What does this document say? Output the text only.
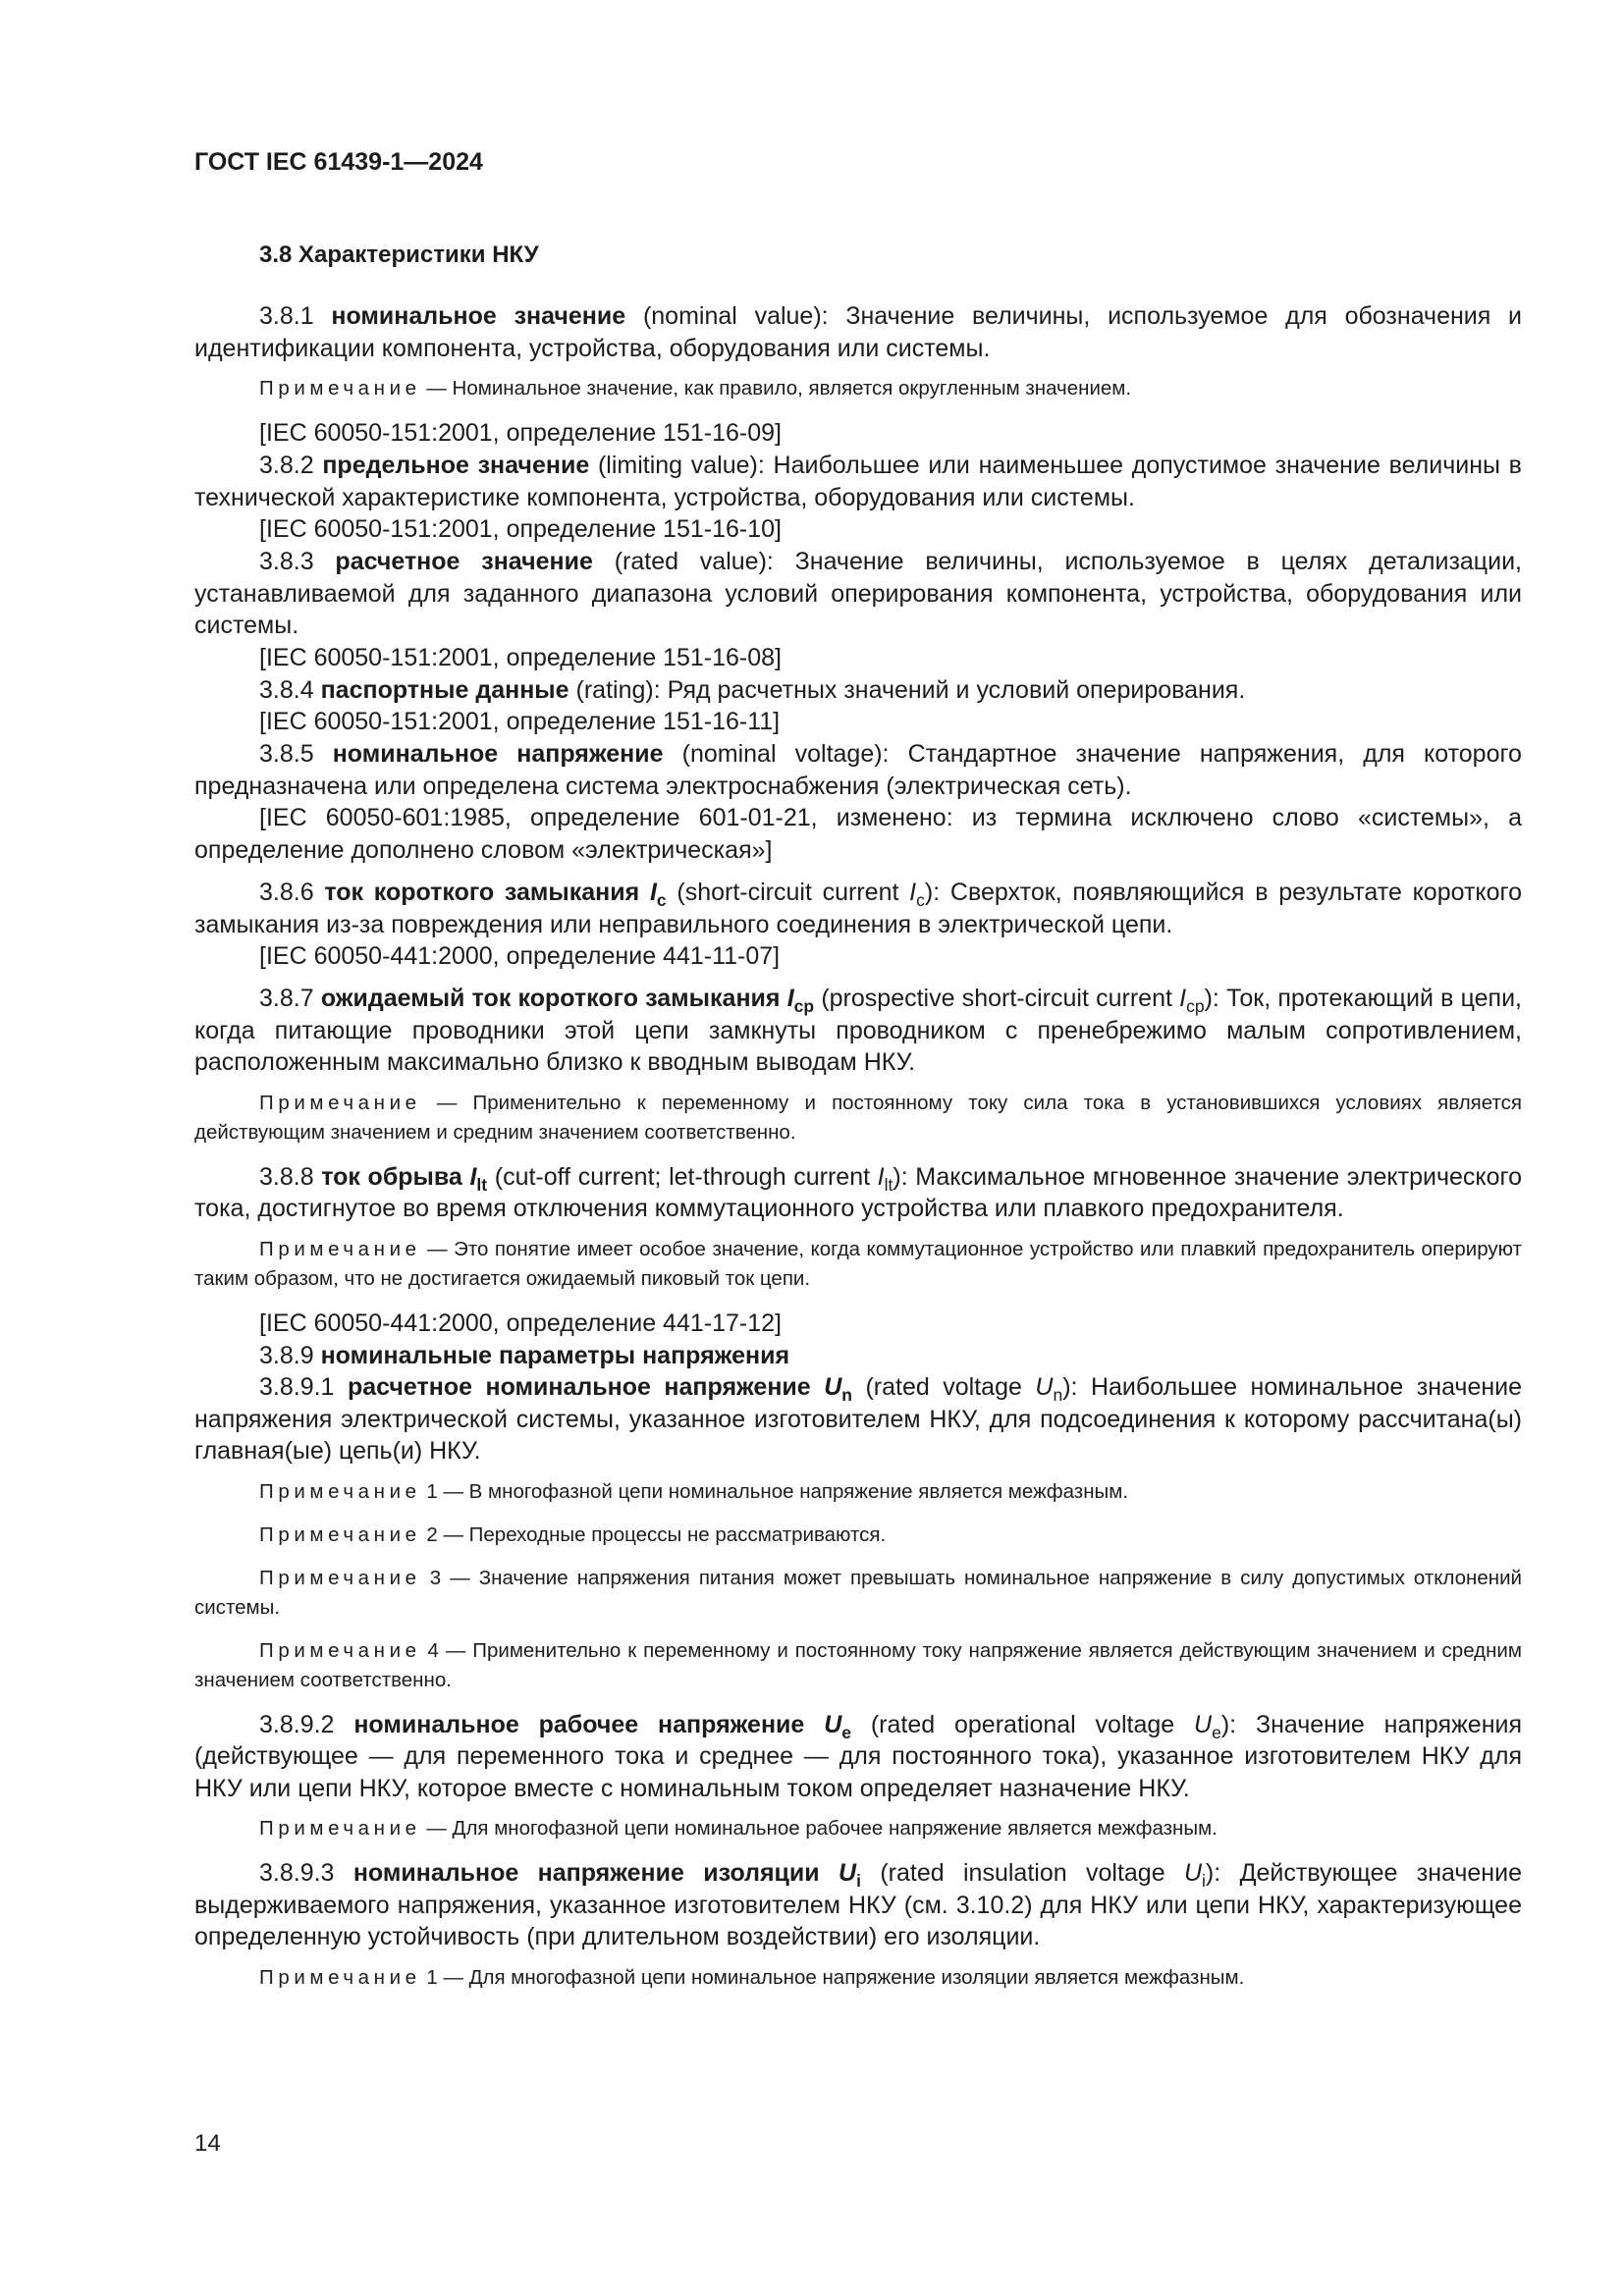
ГОСТ IEC 61439-1—2024
3.8 Характеристики НКУ

3.8.1 номинальное значение (nominal value): Значение величины, используемое для обозначения и идентификации компонента, устройства, оборудования или системы.

Примечание — Номинальное значение, как правило, является округленным значением.

[IEC 60050-151:2001, определение 151-16-09]

3.8.2 предельное значение (limiting value): Наибольшее или наименьшее допустимое значение величины в технической характеристике компонента, устройства, оборудования или системы.

[IEC 60050-151:2001, определение 151-16-10]

3.8.3 расчетное значение (rated value): Значение величины, используемое в целях детализации, устанавливаемой для заданного диапазона условий оперирования компонента, устройства, оборудования или системы.

[IEC 60050-151:2001, определение 151-16-08]

3.8.4 паспортные данные (rating): Ряд расчетных значений и условий оперирования.

[IEC 60050-151:2001, определение 151-16-11]

3.8.5 номинальное напряжение (nominal voltage): Стандартное значение напряжения, для которого предназначена или определена система электроснабжения (электрическая сеть).

[IEC 60050-601:1985, определение 601-01-21, изменено: из термина исключено слово «системы», а определение дополнено словом «электрическая»]

3.8.6 ток короткого замыкания $I_c$ (short-circuit current $I_c$): Сверхток, появляющийся в результате короткого замыкания из-за повреждения или неправильного соединения в электрической цепи.

[IEC 60050-441:2000, определение 441-11-07]

3.8.7 ожидаемый ток короткого замыкания $I_{cp}$ (prospective short-circuit current $I_{cp}$): Ток, протекающий в цепи, когда питающие проводники этой цепи замкнуты проводником с пренебрежимо малым сопротивлением, расположенным максимально близко к вводным выводам НКУ.

Примечание — Применительно к переменному и постоянному току сила тока в установившихся условиях является действующим значением и средним значением соответственно.

3.8.8 ток обрыва $I_{lt}$ (cut-off current; let-through current $I_{lt}$): Максимальное мгновенное значение электрического тока, достигнутое во время отключения коммутационного устройства или плавкого предохранителя.

Примечание — Это понятие имеет особое значение, когда коммутационное устройство или плавкий предохранитель оперируют таким образом, что не достигается ожидаемый пиковый ток цепи.

[IEC 60050-441:2000, определение 441-17-12]

3.8.9 номинальные параметры напряжения

3.8.9.1 расчетное номинальное напряжение $U_n$ (rated voltage $U_n$): Наибольшее номинальное значение напряжения электрической системы, указанное изготовителем НКУ, для подсоединения к которому рассчитана(ы) главная(ые) цепь(и) НКУ.

Примечание 1 — В многофазной цепи номинальное напряжение является межфазным.

Примечание 2 — Переходные процессы не рассматриваются.

Примечание 3 — Значение напряжения питания может превышать номинальное напряжение в силу допустимых отклонений системы.

Примечание 4 — Применительно к переменному и постоянному току напряжение является действующим значением и средним значением соответственно.

3.8.9.2 номинальное рабочее напряжение $U_e$ (rated operational voltage $U_e$): Значение напряжения (действующее — для переменного тока и среднее — для постоянного тока), указанное изготовителем НКУ для НКУ или цепи НКУ, которое вместе с номинальным током определяет назначение НКУ.

Примечание — Для многофазной цепи номинальное рабочее напряжение является межфазным.

3.8.9.3 номинальное напряжение изоляции $U_i$ (rated insulation voltage $U_i$): Действующее значение выдерживаемого напряжения, указанное изготовителем НКУ (см. 3.10.2) для НКУ или цепи НКУ, характеризующее определенную устойчивость (при длительном воздействии) его изоляции.

Примечание 1 — Для многофазной цепи номинальное напряжение изоляции является межфазным.

14
